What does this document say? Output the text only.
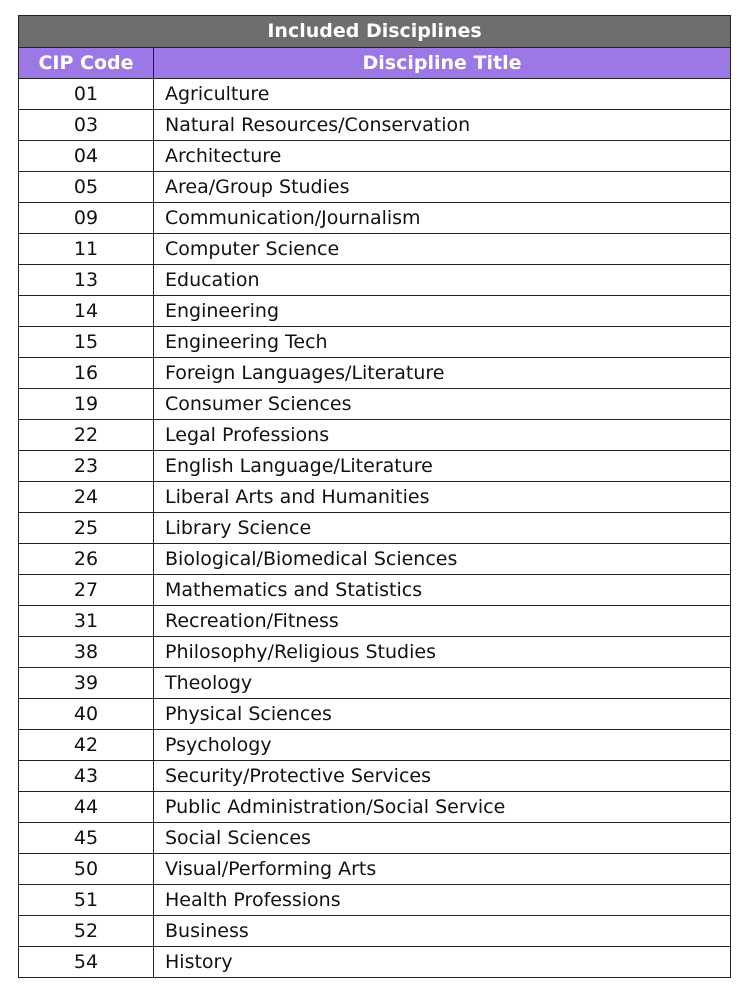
Included Disciplines	
CIP Code	Discipline Title
01	Agriculture
03	Natural Resources/Conservation
04	Architecture
05	Area/Group Studies
09	Communication/Journalism
11	Computer Science
13	Education
14	Engineering
15	Engineering Tech
16	Foreign Languages/Literature
19	Consumer Sciences
22	Legal Professions
23	English Language/Literature
24	Liberal Arts and Humanities
25	Library Science
26	Biological/Biomedical Sciences
27	Mathematics and Statistics
31	Recreation/Fitness
38	Philosophy/Religious Studies
39	Theology
40	Physical Sciences
42	Psychology
43	Security/Protective Services
44	Public Administration/Social Service
45	Social Sciences
50	Visual/Performing Arts
51	Health Professions
52	Business
54	History
